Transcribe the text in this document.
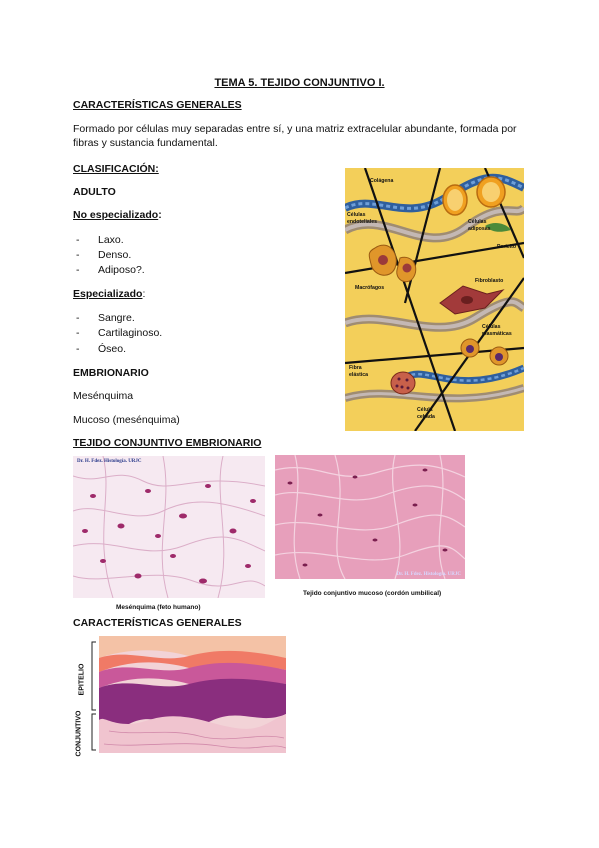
TEMA 5. TEJIDO CONJUNTIVO I.
CARACTERÍSTICAS GENERALES
Formado por células muy separadas entre sí, y una matriz extracelular abundante, formada por
fibras y sustancia fundamental.
CLASIFICACIÓN:
ADULTO
No especializado:
- Laxo.
- Denso.
- Adiposo?.
Especializado:
- Sangre.
- Cartilaginoso.
- Óseo.
EMBRIONARIO
Mesénquima
Mucoso (mesénquima)
TEJIDO CONJUNTIVO EMBRIONARIO
Colágena
Células
endoteliales	Células
adiposas
Pericito
Fibroblasto
Macrófagos
Células
plasmáticas
Fibra
elástica
Célula
cebada
Dr. H. Fdez. Histología. URJC
Mesénquima (feto humano)
Dr. H. Fdez. Histología. URJC
Tejido conjuntivo mucoso (cordón umbilical)
CARACTERÍSTICAS GENERALES
EPITELIO
CONJUNTIVO
